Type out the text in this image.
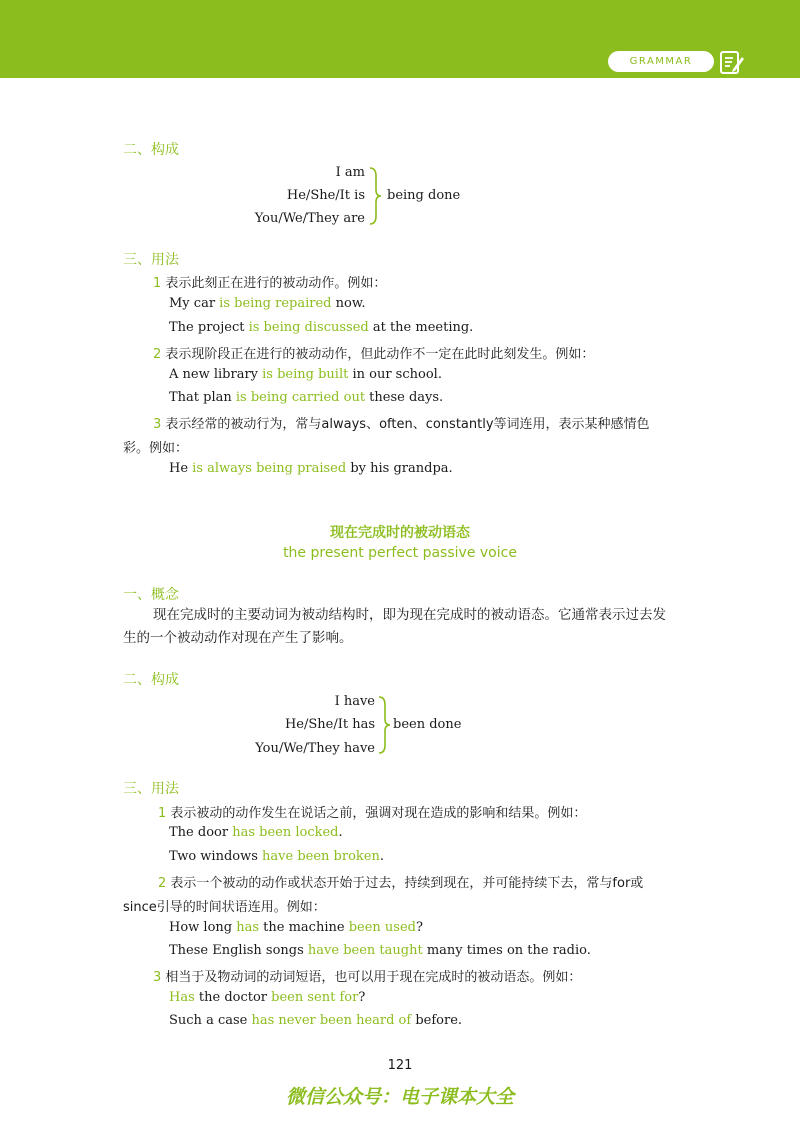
GRAMMAR
二、构成
I am
He/She/It is
You/We/They are
being done
三、用法
1 表示此刻正在进行的被动动作。例如：
My car is being repaired now.
The project is being discussed at the meeting.
2 表示现阶段正在进行的被动动作，但此动作不一定在此时此刻发生。例如：
A new library is being built in our school.
That plan is being carried out these days.
3 表示经常的被动行为，常与always、often、constantly等词连用，表示某种感情色
彩。例如：
He is always being praised by his grandpa.
现在完成时的被动语态
the present perfect passive voice
一、概念
现在完成时的主要动词为被动结构时，即为现在完成时的被动语态。它通常表示过去发
生的一个被动动作对现在产生了影响。
二、构成
I have
He/She/It has
You/We/They have
been done
三、用法
1 表示被动的动作发生在说话之前，强调对现在造成的影响和结果。例如：
The door has been locked.
Two windows have been broken.
2 表示一个被动的动作或状态开始于过去，持续到现在，并可能持续下去，常与for或
since引导的时间状语连用。例如：
How long has the machine been used?
These English songs have been taught many times on the radio.
3 相当于及物动词的动词短语，也可以用于现在完成时的被动语态。例如：
Has the doctor been sent for?
Such a case has never been heard of before.
121
微信公众号：电子课本大全
